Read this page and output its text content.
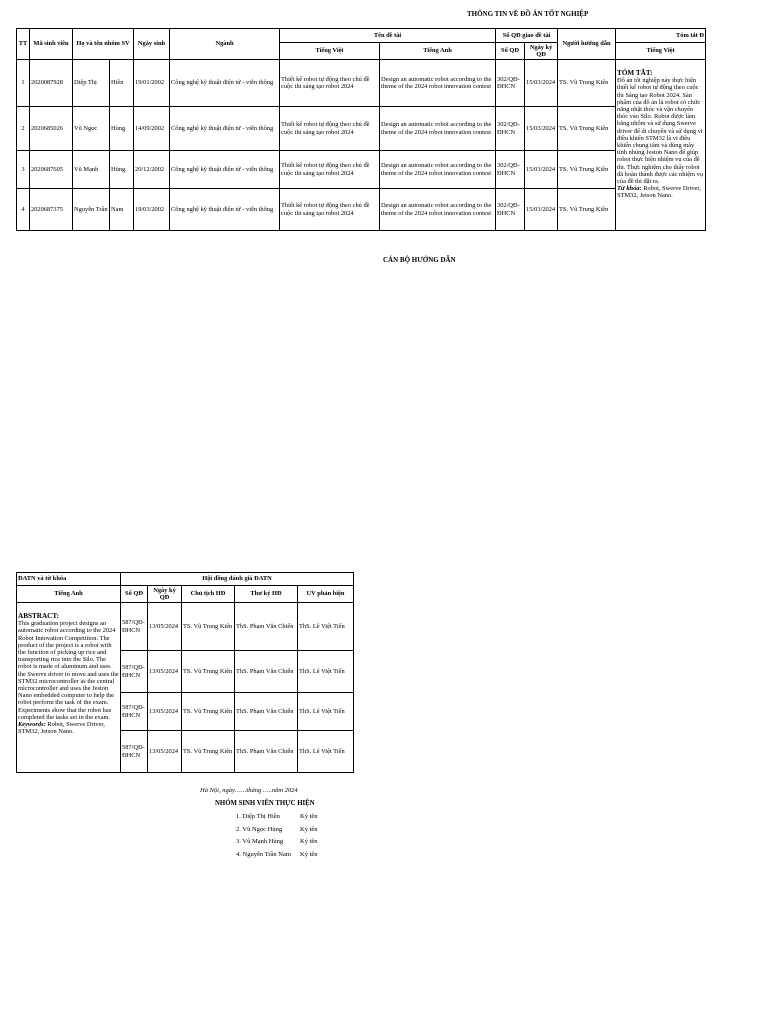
THÔNG TIN VỀ ĐỒ ÁN TỐT NGHIỆP
TT	Mã sinh viên	Họ và tên nhóm SV		Ngày sinh	Ngành	Tên đề tài		Số QĐ giao đề tài		Người hướng dẫn	Tóm tắt Đ
						Tiếng Việt	Tiếng Anh	Số QĐ	Ngày ký QĐ		Tiếng Việt
1	20200879​28	Diệp Thị	Hiền	19/01/2002	Công nghệ kỹ thuật điện tử - viễn thông	Thiết kế robot tự động theo chủ đề cuộc thi sáng tạo robot 2024	Design an automatic robot according to the theme of the 2024 robot innovation contest	302/QĐ-ĐHCN	15/03/2024	TS. Vũ Trung Kiên	TÓM TẮT:
Đồ án tốt nghiệp này thực hiện thiết kế robot tự động theo cuộc thi Sáng tạo Robot 2024. Sản phẩm của đồ án là robot có chức năng nhặt thóc và vận chuyển thóc vào Silo. Robot được làm bằng nhôm và sử dụng Swerve driver để di chuyển và sử dụng vi điều khiển STM32 là vi điều khiển chung tâm và dùng máy tính nhúng Jeston Nano để giúp robot thực hiện nhiệm vụ của đề thi. Thực nghiệm cho thấy robot đã hoàn thành được các nhiệm vụ của đề thi đặt ra.
Từ khóa: Robot, Swerve Driver, STM32, Jetson Nano.

2	2020685026	Vũ Ngọc	Hùng	14/09/2002	Công nghệ kỹ thuật điện tử - viễn thông	Thiết kế robot tự động theo chủ đề cuộc thi sáng tạo robot 2024	Design an automatic robot according to the theme of the 2024 robot innovation contest	302/QĐ-ĐHCN	15/03/2024	TS. Vũ Trung Kiên	
3	2020687605	Vũ Mạnh	Hùng	20/12/2002	Công nghệ kỹ thuật điện tử - viễn thông	Thiết kế robot tự động theo chủ đề cuộc thi sáng tạo robot 2024	Design an automatic robot according to the theme of the 2024 robot innovation contest	302/QĐ-ĐHCN	15/03/2024	TS. Vũ Trung Kiên	
4	2020687375	Nguyễn Trần	Nam	19/03/2002	Công nghệ kỹ thuật điện tử - viễn thông	Thiết kế robot tự động theo chủ đề cuộc thi sáng tạo robot 2024	Design an automatic robot according to the theme of the 2024 robot innovation contest	302/QĐ-ĐHCN	15/03/2024	TS. Vũ Trung Kiên	
CÁN BỘ HƯỚNG DẪN
ĐATN và từ khóa	Hội đồng đánh giá ĐATN				
Tiếng Anh	Số QĐ	Ngày ký QĐ	Chủ tịch HĐ	Thư ký HĐ	UV phản biện

ABSTRACT:
This graduation project designs an automatic robot according to the 2024 Robot Innovation Competition. The product of the project is a robot with the function of picking up rice and transporting rice into the Silo. The robot is made of aluminum and uses the Swerve driver to move and uses the STM32 microcontroller as the central microcontroller and uses the Jeston Nano embedded computer to help the robot perform the task of the exam. Experiments show that the robot has completed the tasks set in the exam.
Keywords: Robot, Swerve Driver, STM32, Jetson Nano.	587/QĐ-ĐHCN	13/05/2024	TS. Vũ Trung Kiên	ThS. Phạm Văn Chiến	ThS. Lê Việt Tiến
	587/QĐ-ĐHCN	13/05/2024	TS. Vũ Trung Kiên	ThS. Phạm Văn Chiến	ThS. Lê Việt Tiến
	587/QĐ-ĐHCN	13/05/2024	TS. Vũ Trung Kiên	ThS. Phạm Văn Chiến	ThS. Lê Việt Tiến
	587/QĐ-ĐHCN	13/05/2024	TS. Vũ Trung Kiên	ThS. Phạm Văn Chiến	ThS. Lê Việt Tiến
Hà Nội, ngày……tháng …..năm 2024
NHÓM SINH VIÊN THỰC HIỆN
1. Diệp Thị Hiền	Ký tên
2. Vũ Ngọc Hùng	Ký tên
3. Vũ Mạnh Hùng	Ký tên
4. Nguyễn Trần Nam Ký tên
